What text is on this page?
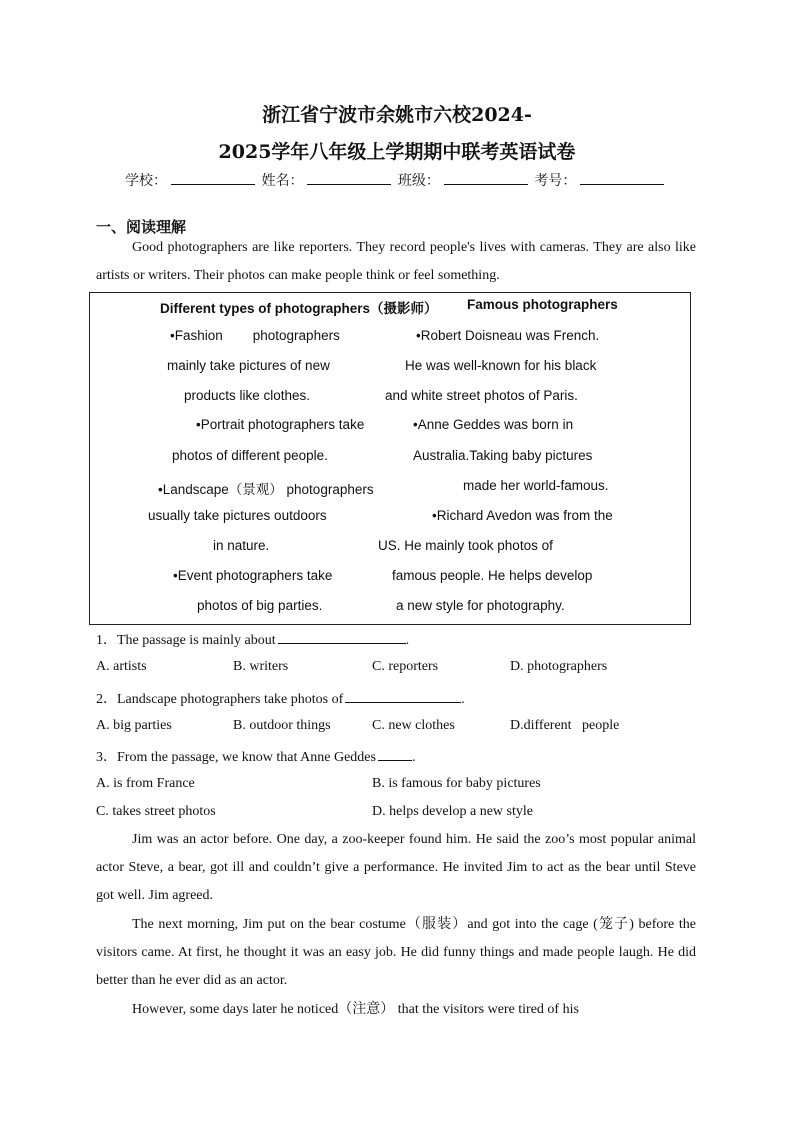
浙江省宁波市余姚市六校2024-
2025学年八年级上学期期中联考英语试卷
学校：	姓名：	班级：	考号：
一、阅读理解
Good photographers are like reporters. They record people's lives with cameras. They are also like artists or writers. Their photos can make people think or feel something.
Different types of photographers（摄影师） Famous photographers
•Fashion        photographers
mainly take pictures of new
products like clothes.
•Portrait photographers take
photos of different people.
•Landscape（景观） photographers
usually take pictures outdoors
in nature.
•Event photographers take
photos of big parties.
•Robert Doisneau was French.
He was well-known for his black
and white street photos of Paris.
•Anne Geddes was born in
Australia.Taking baby pictures
made her world-famous.
•Richard Avedon was from the
US. He mainly took photos of
famous people. He helps develop
a new style for photography.
1．The passage is mainly about	.
A. artists	B. writers	C. reporters	D. photographers
2．Landscape photographers take photos of	.
A. big parties	B. outdoor things	C. new clothes	D.different   people
3．From the passage, we know that Anne Geddes	.
A. is from France	B. is famous for baby pictures
C. takes street photos	D. helps develop a new style
Jim was an actor before. One day, a zoo-keeper found him. He said the zoo’s most popular animal actor Steve, a bear, got ill and couldn’t give a performance. He invited Jim to act as the bear until Steve got well. Jim agreed.
The next morning, Jim put on the bear costume（服装）and got into the cage (笼子) before the visitors came. At first, he thought it was an easy job. He did funny things and made people laugh. He did better than he ever did as an actor.
However, some days later he noticed（注意） that the visitors were tired of his
